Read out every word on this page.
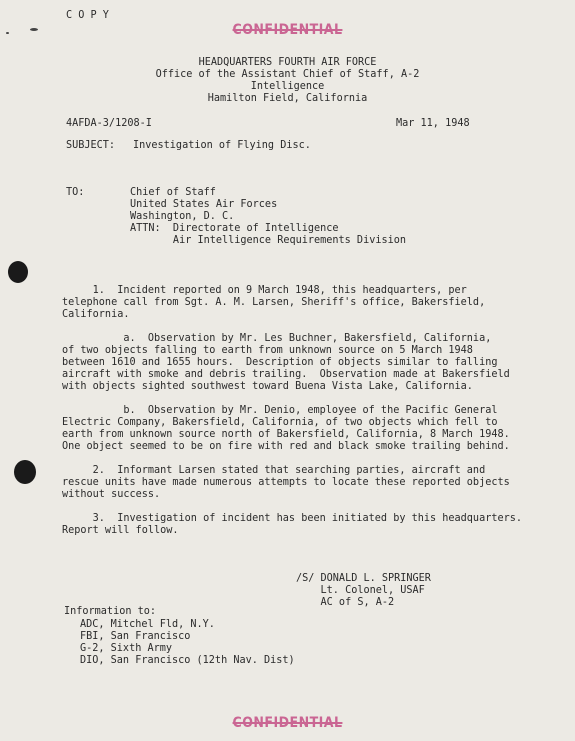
C O P Y
CONFIDENTIAL
HEADQUARTERS FOURTH AIR FORCE
Office of the Assistant Chief of Staff, A-2
Intelligence
Hamilton Field, California
4AFDA-3/1208-I	Mar 11, 1948
SUBJECT: Investigation of Flying Disc.
TO:	Chief of Staff
United States Air Forces
Washington, D. C.
ATTN:  Directorate of Intelligence
Air Intelligence Requirements Division
1.  Incident reported on 9 March 1948, this headquarters, per
telephone call from Sgt. A. M. Larsen, Sheriff's office, Bakersfield,
California.
a.  Observation by Mr. Les Buchner, Bakersfield, California,
of two objects falling to earth from unknown source on 5 March 1948
between 1610 and 1655 hours.  Description of objects similar to falling
aircraft with smoke and debris trailing.  Observation made at Bakersfield
with objects sighted southwest toward Buena Vista Lake, California.
b.  Observation by Mr. Denio, employee of the Pacific General
Electric Company, Bakersfield, California, of two objects which fell to
earth from unknown source north of Bakersfield, California, 8 March 1948.
One object seemed to be on fire with red and black smoke trailing behind.
2.  Informant Larsen stated that searching parties, aircraft and
rescue units have made numerous attempts to locate these reported objects
without success.
3.  Investigation of incident has been initiated by this headquarters.
Report will follow.
/S/ DONALD L. SPRINGER
Lt. Colonel, USAF
AC of S, A-2
Information to:
ADC, Mitchel Fld, N.Y.
FBI, San Francisco
G-2, Sixth Army
DIO, San Francisco (12th Nav. Dist)
CONFIDENTIAL
